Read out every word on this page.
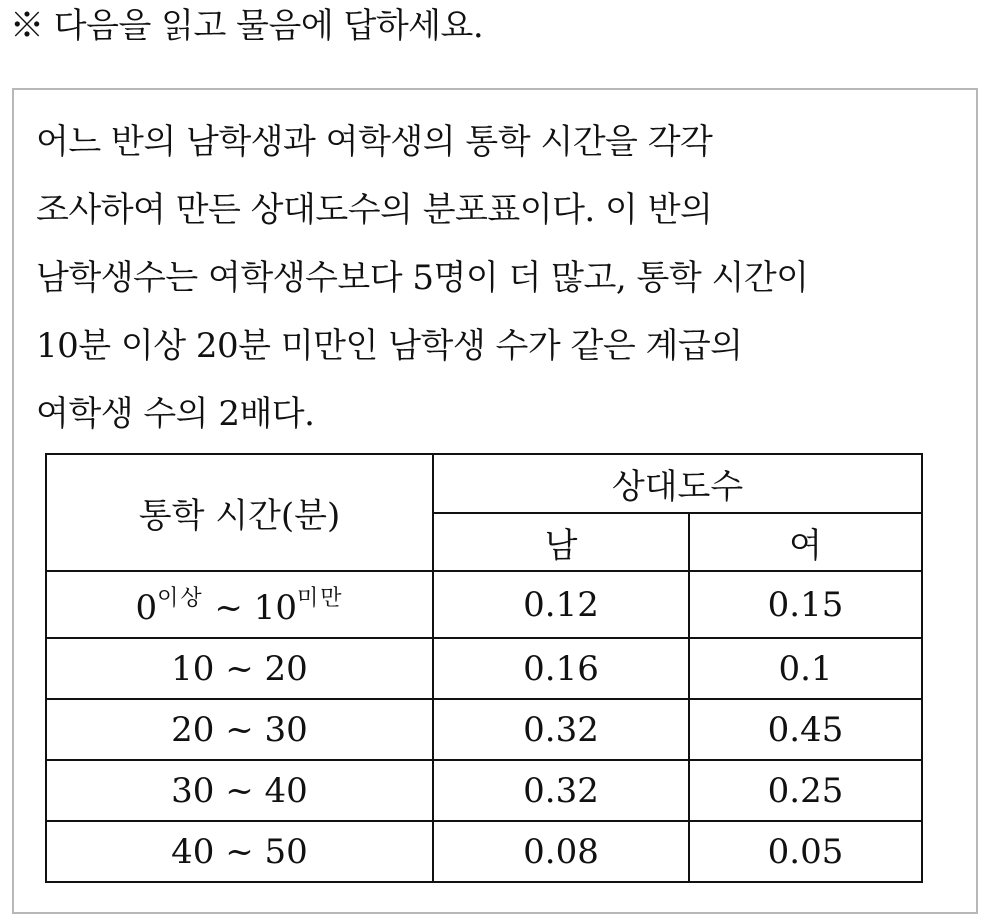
※ 다음을 읽고 물음에 답하세요.
어느 반의 남학생과 여학생의 통학 시간을 각각
조사하여 만든 상대도수의 분포표이다. 이 반의
남학생수는 여학생수보다 5명이 더 많고, 통학 시간이
10분 이상 20분 미만인 남학생 수가 같은 계급의
여학생 수의 2배다.
통학 시간(분)	상대도수	
	남	여
$0^{이상}$ ~ $10^{미만}$	0.12	0.15
10 ~ 20	0.16	0.1
20 ~ 30	0.32	0.45
30 ~ 40	0.32	0.25
40 ~ 50	0.08	0.05
